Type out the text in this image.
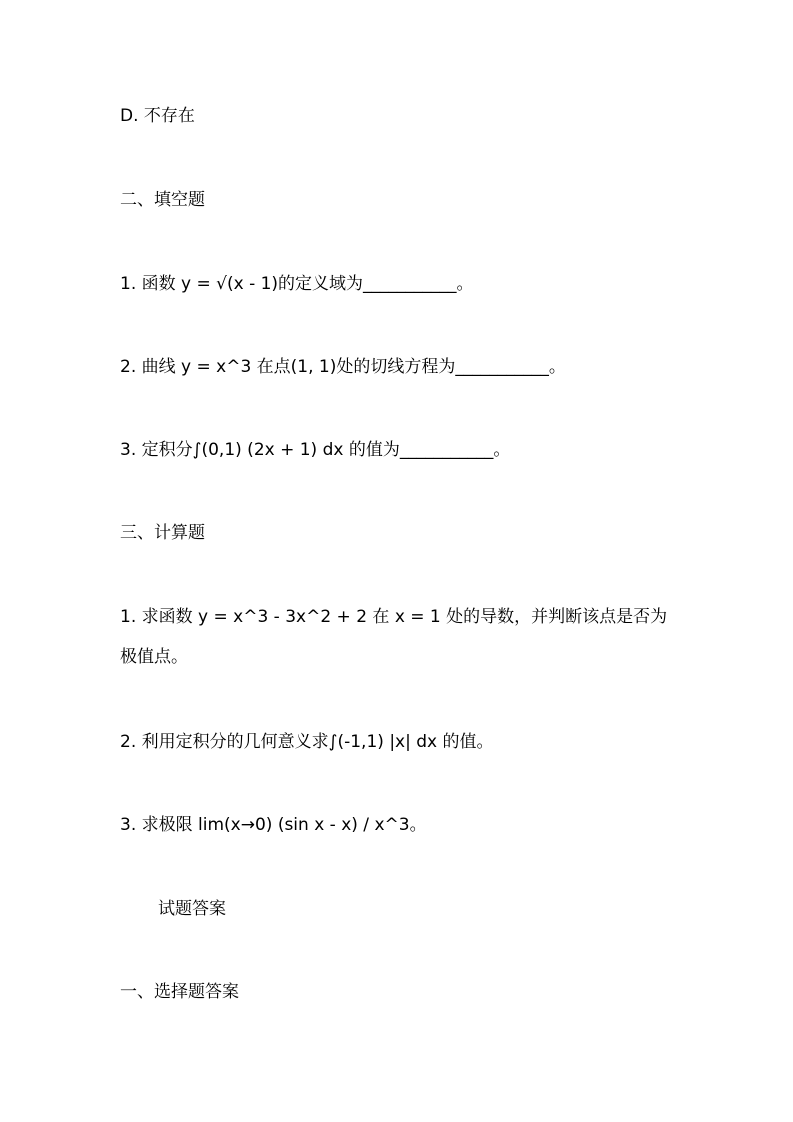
D. 不存在
二、填空题
1. 函数 y = √(x - 1)的定义域为___________。
2. 曲线 y = x^3 在点(1, 1)处的切线方程为___________。
3. 定积分∫(0,1) (2x + 1) dx 的值为___________。
三、计算题
1. 求函数 y = x^3 - 3x^2 + 2 在 x = 1 处的导数，并判断该点是否为极值点。
2. 利用定积分的几何意义求∫(-1,1) |x| dx 的值。
3. 求极限 lim(x→0) (sin x - x) / x^3。
试题答案
一、选择题答案
